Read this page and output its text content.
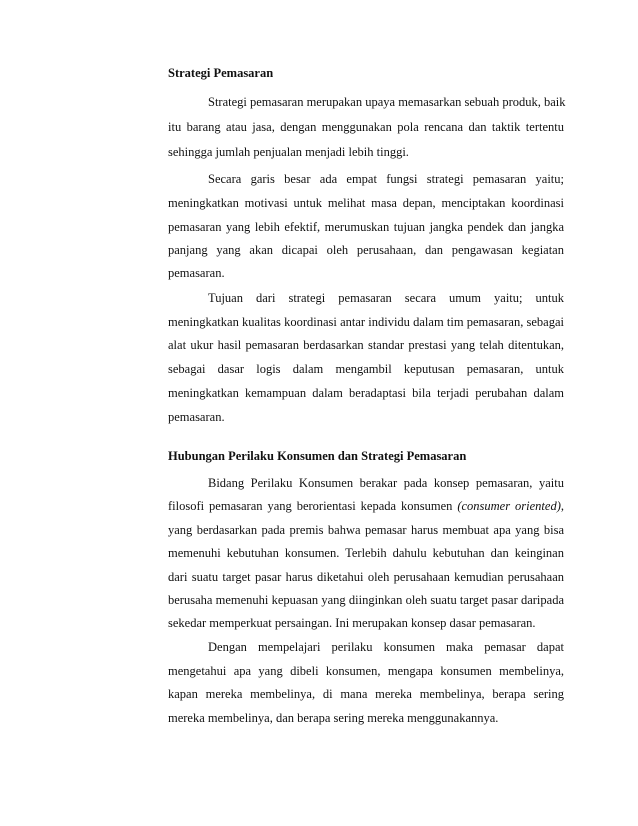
Strategi Pemasaran
Strategi pemasaran merupakan upaya memasarkan sebuah produk, baik
itu barang atau jasa, dengan menggunakan pola rencana dan taktik tertentu
sehingga jumlah penjualan menjadi lebih tinggi.
Secara garis besar ada empat fungsi strategi pemasaran yaitu;
meningkatkan motivasi untuk melihat masa depan, menciptakan koordinasi
pemasaran yang lebih efektif, merumuskan tujuan jangka pendek dan jangka
panjang yang akan dicapai oleh perusahaan, dan pengawasan kegiatan
pemasaran.
Tujuan dari strategi pemasaran secara umum yaitu; untuk
meningkatkan kualitas koordinasi antar individu dalam tim pemasaran, sebagai
alat ukur hasil pemasaran berdasarkan standar prestasi yang telah ditentukan,
sebagai dasar logis dalam mengambil keputusan pemasaran, untuk
meningkatkan kemampuan dalam beradaptasi bila terjadi perubahan dalam
pemasaran.
Hubungan Perilaku Konsumen dan Strategi Pemasaran
Bidang Perilaku Konsumen berakar pada konsep pemasaran, yaitu
filosofi pemasaran yang berorientasi kepada konsumen (consumer oriented),
yang berdasarkan pada premis bahwa pemasar harus membuat apa yang bisa
memenuhi kebutuhan konsumen. Terlebih dahulu kebutuhan dan keinginan
dari suatu target pasar harus diketahui oleh perusahaan kemudian perusahaan
berusaha memenuhi kepuasan yang diinginkan oleh suatu target pasar daripada
sekedar memperkuat persaingan. Ini merupakan konsep dasar pemasaran.
Dengan mempelajari perilaku konsumen maka pemasar dapat
mengetahui apa yang dibeli konsumen, mengapa konsumen membelinya,
kapan mereka membelinya, di mana mereka membelinya, berapa sering
mereka membelinya, dan berapa sering mereka menggunakannya.
